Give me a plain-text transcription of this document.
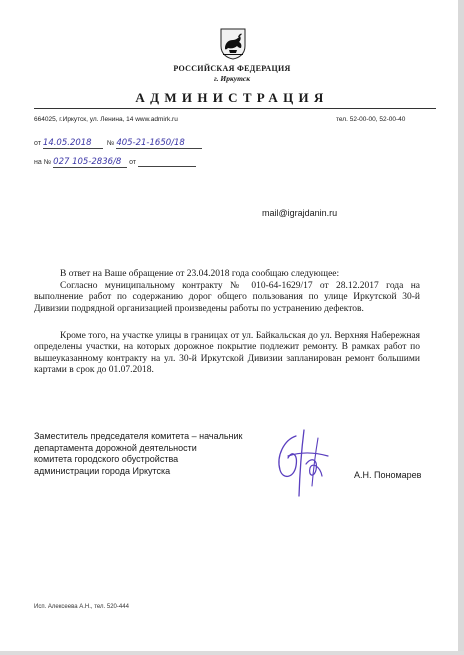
РОССИЙСКАЯ ФЕДЕРАЦИЯ
г. Иркутск
АДМИНИСТРАЦИЯ
664025, г.Иркутск, ул. Ленина, 14 www.admirk.ru	тел. 52-00-00, 52-00-40
от 14.05.2018 № 405-21-1650/18
на № 027 105-2836/8 от
mail@igrajdanin.ru
В ответ на Ваше обращение от 23.04.2018 года сообщаю следующее:
Согласно муниципальному контракту № 010-64-1629/17 от 28.12.2017 года на выполнение работ по содержанию дорог общего пользования по улице Иркутской 30-й Дивизии подрядной организацией произведены работы по устранению дефектов.
Кроме того, на участке улицы в границах от ул. Байкальская до ул. Верхняя Набережная определены участки, на которых дорожное покрытие подлежит ремонту. В рамках работ по вышеуказанному контракту на ул. 30-й Иркутской Дивизии запланирован ремонт большими картами в срок до 01.07.2018.
Заместитель председателя комитета – начальник
департамента дорожной деятельности
комитета городского обустройства
администрации города Иркутска	А.Н. Пономарев
Исп. Алексеева А.Н., тел. 520-444
